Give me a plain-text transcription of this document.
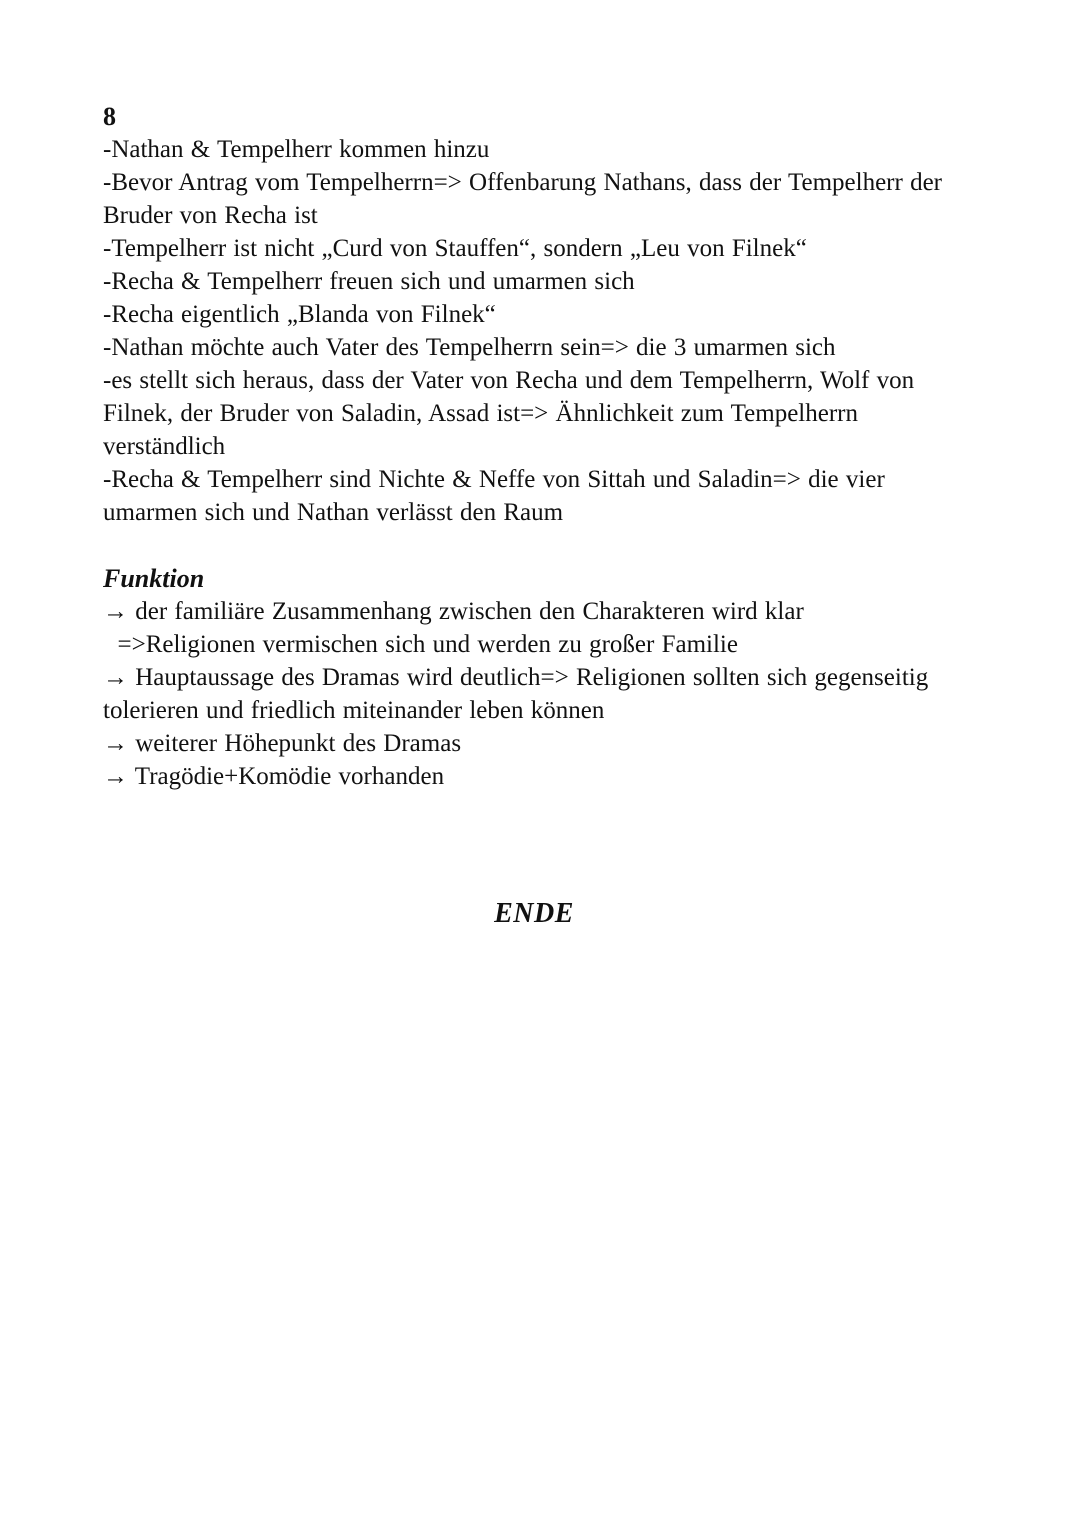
8

-Nathan & Tempelherr kommen hinzu

-Bevor Antrag vom Tempelherrn=> Offenbarung Nathans, dass der Tempelherr der Bruder von Recha ist

-Tempelherr ist nicht „Curd von Stauffen“, sondern „Leu von Filnek“

-Recha & Tempelherr freuen sich und umarmen sich

-Recha eigentlich „Blanda von Filnek“

-Nathan möchte auch Vater des Tempelherrn sein=> die 3 umarmen sich

-es stellt sich heraus, dass der Vater von Recha und dem Tempelherrn, Wolf von Filnek, der Bruder von Saladin, Assad ist=> Ähnlichkeit zum Tempelherrn verständlich

-Recha & Tempelherr sind Nichte & Neffe von Sittah und Saladin=> die vier umarmen sich und Nathan verlässt den Raum

Funktion

→ der familiäre Zusammenhang zwischen den Charakteren wird klar

=>Religionen vermischen sich und werden zu großer Familie

→ Hauptaussage des Dramas wird deutlich=> Religionen sollten sich gegenseitig tolerieren und friedlich miteinander leben können

→ weiterer Höhepunkt des Dramas

→ Tragödie+Komödie vorhanden

ENDE
